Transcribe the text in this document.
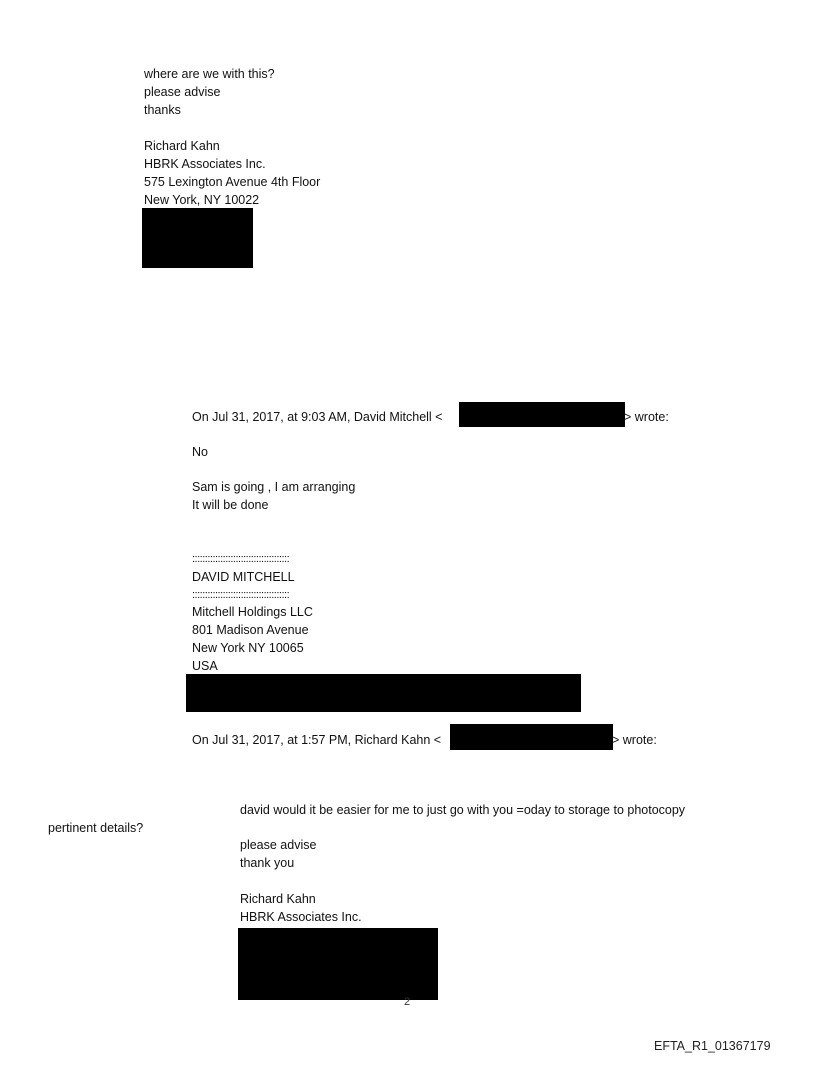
where are we with this?
please advise
thanks
Richard Kahn
HBRK Associates Inc.
575 Lexington Avenue 4th Floor
New York, NY 10022
On Jul 31, 2017, at 9:03 AM, David Mitchell <	> wrote:
No
Sam is going , I am arranging
It will be done
::::::::::::::::::::::::::::::::::::::
DAVID MITCHELL
::::::::::::::::::::::::::::::::::::::
Mitchell Holdings LLC
801 Madison Avenue
New York NY 10065
USA
On Jul 31, 2017, at 1:57 PM, Richard Kahn <	> wrote:
david would it be easier for me to just go with you =oday to storage to photocopy
pertinent details?
please advise
thank you
Richard Kahn
HBRK Associates Inc.
2
EFTA_R1_01367179
